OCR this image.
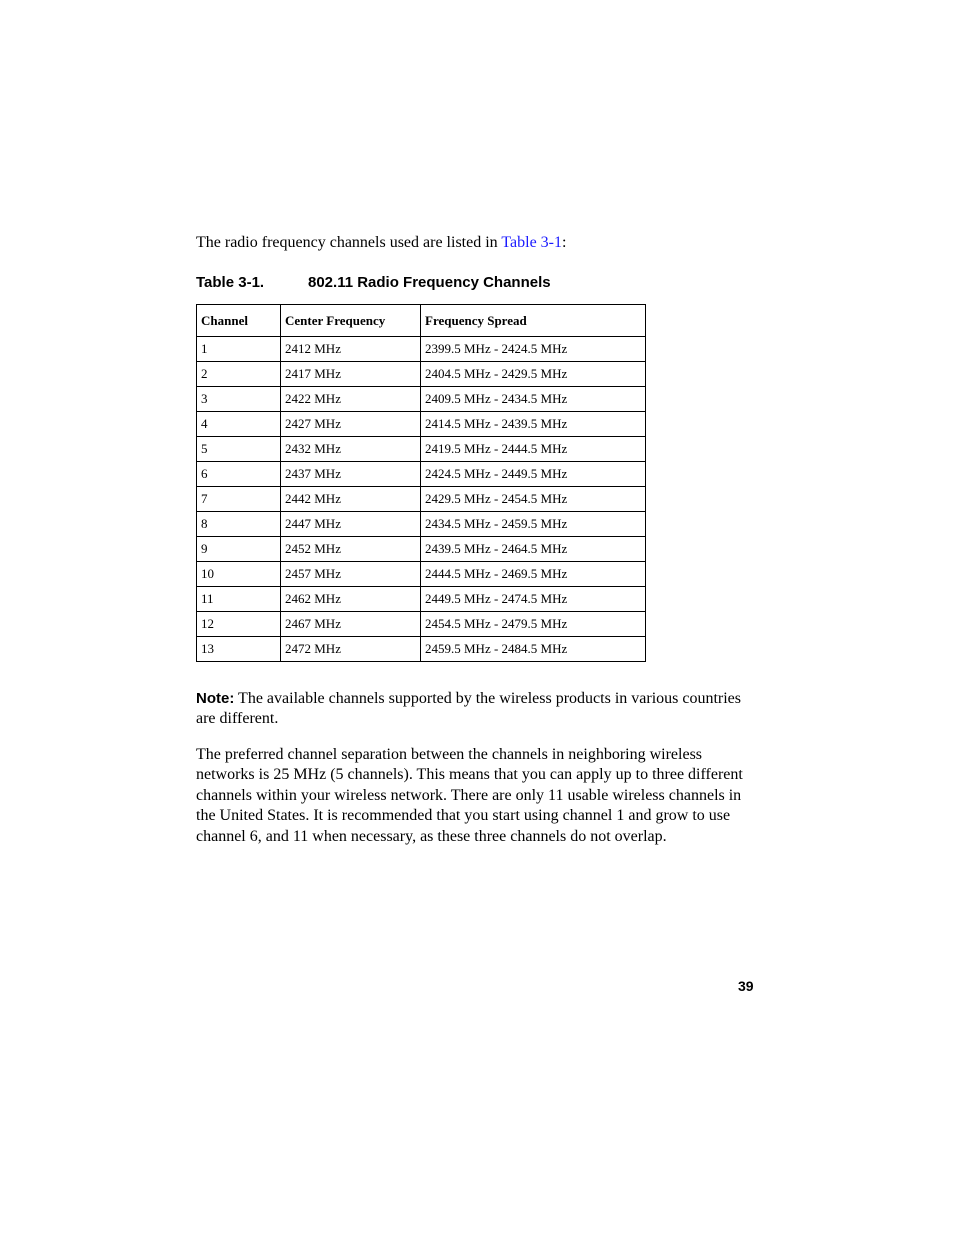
The radio frequency channels used are listed in Table 3-1:
Table 3-1.	802.11 Radio Frequency Channels
Channel	Center Frequency	Frequency Spread
1	2412 MHz	2399.5 MHz - 2424.5 MHz
2	2417 MHz	2404.5 MHz - 2429.5 MHz
3	2422 MHz	2409.5 MHz - 2434.5 MHz
4	2427 MHz	2414.5 MHz - 2439.5 MHz
5	2432 MHz	2419.5 MHz - 2444.5 MHz
6	2437 MHz	2424.5 MHz - 2449.5 MHz
7	2442 MHz	2429.5 MHz - 2454.5 MHz
8	2447 MHz	2434.5 MHz - 2459.5 MHz
9	2452 MHz	2439.5 MHz - 2464.5 MHz
10	2457 MHz	2444.5 MHz - 2469.5 MHz
11	2462 MHz	2449.5 MHz - 2474.5 MHz
12	2467 MHz	2454.5 MHz - 2479.5 MHz
13	2472 MHz	2459.5 MHz - 2484.5 MHz
Note: The available channels supported by the wireless products in various countries are different.
The preferred channel separation between the channels in neighboring wireless networks is 25 MHz (5 channels). This means that you can apply up to three different channels within your wireless network. There are only 11 usable wireless channels in the United States. It is recommended that you start using channel 1 and grow to use channel 6, and 11 when necessary, as these three channels do not overlap.
39
